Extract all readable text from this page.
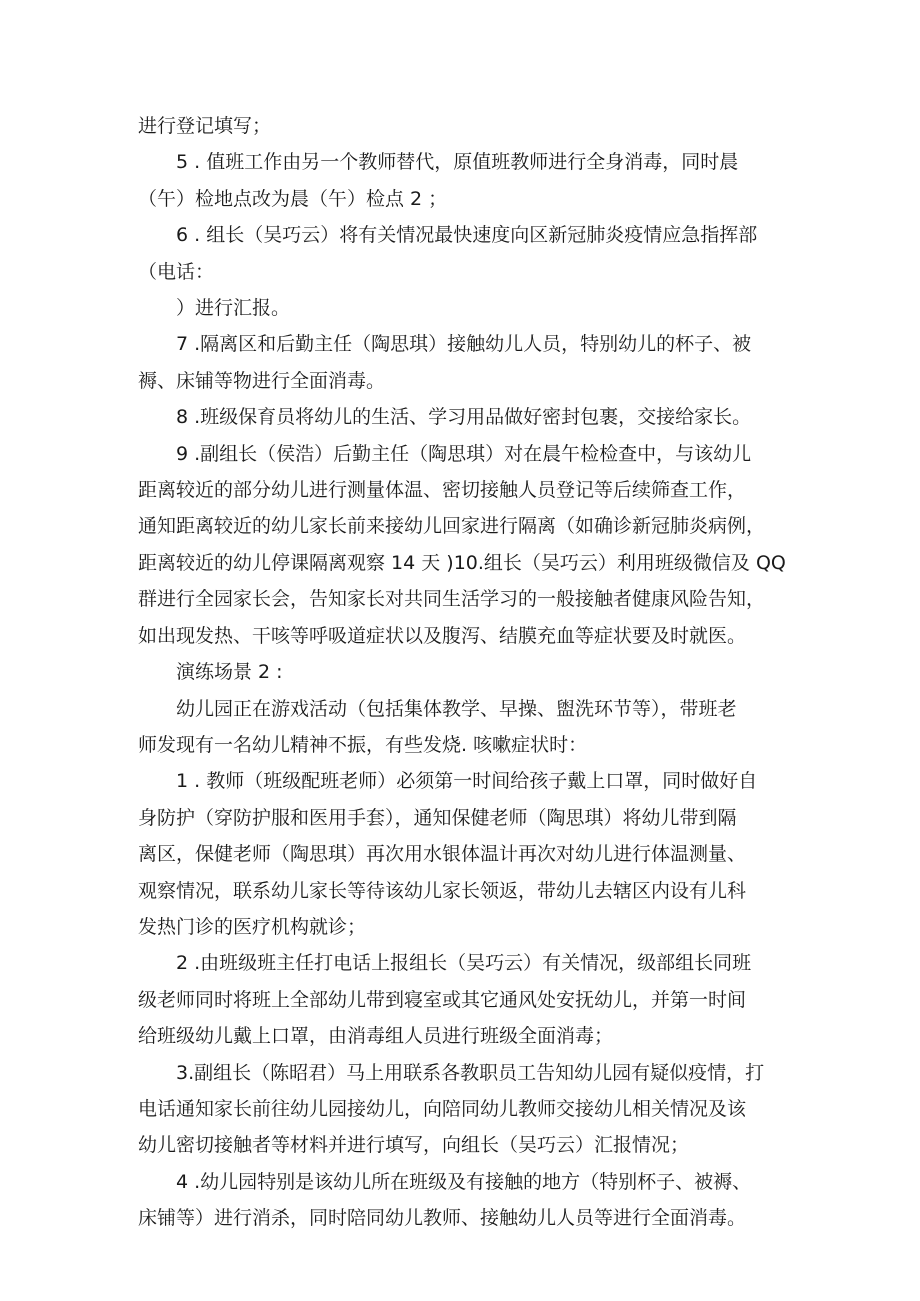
进行登记填写；
5 . 值班工作由另一个教师替代，原值班教师进行全身消毒，同时晨
（午）检地点改为晨（午）检点 2 ；
6 . 组长（吴巧云）将有关情况最快速度向区新冠肺炎疫情应急指挥部
（电话：
）进行汇报。
7 .隔离区和后勤主任（陶思琪）接触幼儿人员，特别幼儿的杯子、被
褥、床铺等物进行全面消毒。
8 .班级保育员将幼儿的生活、学习用品做好密封包裹，交接给家长。
9 .副组长（侯浩）后勤主任（陶思琪）对在晨午检检查中，与该幼儿
距离较近的部分幼儿进行测量体温、密切接触人员登记等后续筛查工作，
通知距离较近的幼儿家长前来接幼儿回家进行隔离（如确诊新冠肺炎病例，
距离较近的幼儿停课隔离观察 14 天 )10.组长（吴巧云）利用班级微信及 QQ
群进行全园家长会，告知家长对共同生活学习的一般接触者健康风险告知，
如出现发热、干咳等呼吸道症状以及腹泻、结膜充血等症状要及时就医。
演练场景 2 :
幼儿园正在游戏活动（包括集体教学、早操、盥洗环节等），带班老
师发现有一名幼儿精神不振，有些发烧. 咳嗽症状时：
1 . 教师（班级配班老师）必须第一时间给孩子戴上口罩，同时做好自
身防护（穿防护服和医用手套），通知保健老师（陶思琪）将幼儿带到隔
离区，保健老师（陶思琪）再次用水银体温计再次对幼儿进行体温测量、
观察情况，联系幼儿家长等待该幼儿家长领返，带幼儿去辖区内设有儿科
发热门诊的医疗机构就诊；
2 .由班级班主任打电话上报组长（吴巧云）有关情况，级部组长同班
级老师同时将班上全部幼儿带到寝室或其它通风处安抚幼儿，并第一时间
给班级幼儿戴上口罩，由消毒组人员进行班级全面消毒；
3.副组长（陈昭君）马上用联系各教职员工告知幼儿园有疑似疫情，打
电话通知家长前往幼儿园接幼儿，向陪同幼儿教师交接幼儿相关情况及该
幼儿密切接触者等材料并进行填写，向组长（吴巧云）汇报情况；
4 .幼儿园特别是该幼儿所在班级及有接触的地方（特别杯子、被褥、
床铺等）进行消杀，同时陪同幼儿教师、接触幼儿人员等进行全面消毒。
